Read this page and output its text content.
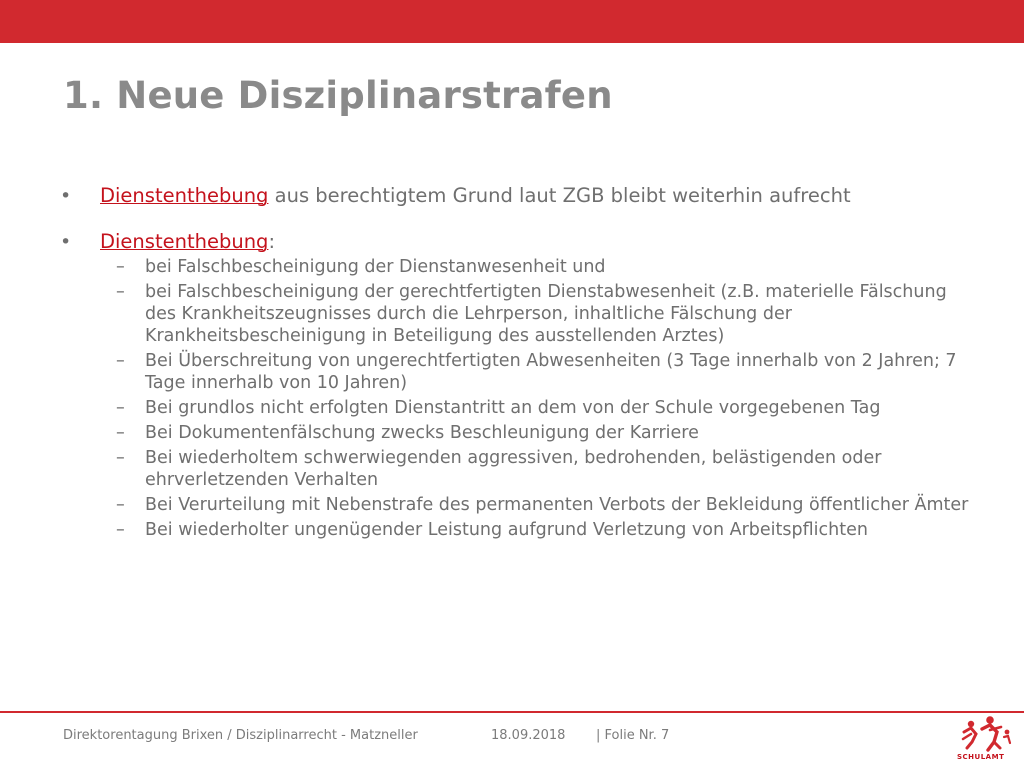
1. Neue Disziplinarstrafen
• Dienstenthebung aus berechtigtem Grund laut ZGB bleibt weiterhin aufrecht
• Dienstenthebung:
– bei Falschbescheinigung der Dienstanwesenheit und
– bei Falschbescheinigung der gerechtfertigten Dienstabwesenheit (z.B. materielle Fälschung des Krankheitszeugnisses durch die Lehrperson, inhaltliche Fälschung der Krankheitsbescheinigung in Beteiligung des ausstellenden Arztes)
– Bei Überschreitung von ungerechtfertigten Abwesenheiten (3 Tage innerhalb von 2 Jahren; 7 Tage innerhalb von 10 Jahren)
– Bei grundlos nicht erfolgten Dienstantritt an dem von der Schule vorgegebenen Tag
– Bei Dokumentenfälschung zwecks Beschleunigung der Karriere
– Bei wiederholtem schwerwiegenden aggressiven, bedrohenden, belästigenden oder ehrverletzenden Verhalten
– Bei Verurteilung mit Nebenstrafe des permanenten Verbots der Bekleidung öffentlicher Ämter
– Bei wiederholter ungenügender Leistung aufgrund Verletzung von Arbeitspflichten
Direktorentagung Brixen / Disziplinarrecht - Matzneller	18.09.2018 | Folie Nr. 7
SCHULAMT
